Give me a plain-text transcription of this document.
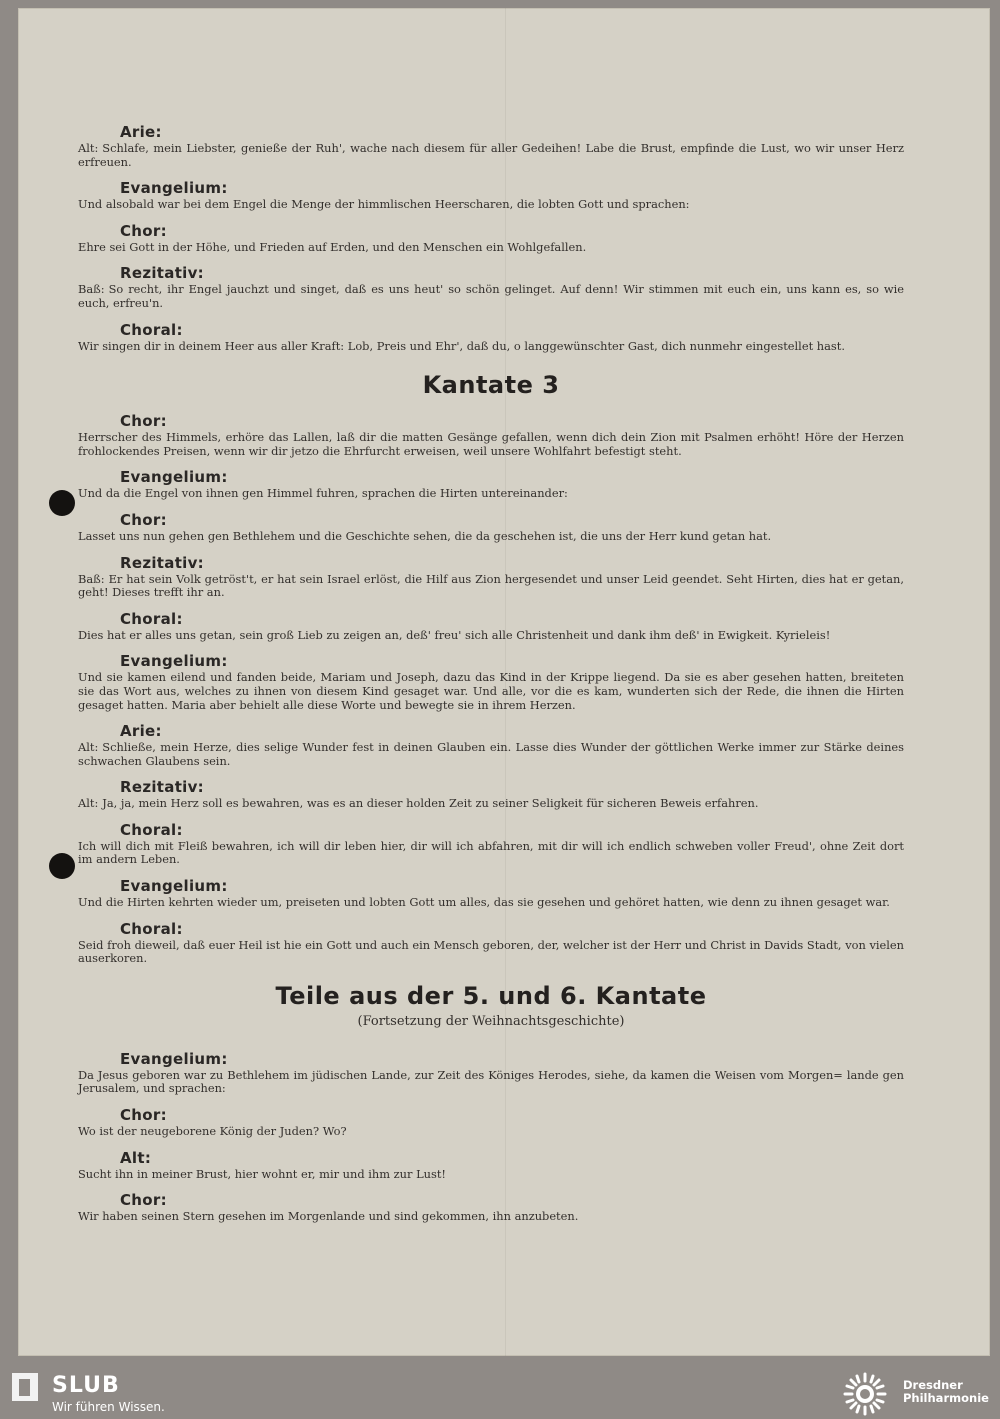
Arie:

Alt: Schlafe, mein Liebster, genieße der Ruh', wache nach diesem für aller Gedeihen! Labe die Brust, empfinde die Lust, wo wir unser Herz erfreuen.

Evangelium:

Und alsobald war bei dem Engel die Menge der himmlischen Heerscharen, die lobten Gott und sprachen:

Chor:

Ehre sei Gott in der Höhe, und Frieden auf Erden, und den Menschen ein Wohlgefallen.

Rezitativ:

Baß: So recht, ihr Engel jauchzt und singet, daß es uns heut' so schön gelinget. Auf denn! Wir stimmen mit euch ein, uns kann es, so wie euch, erfreu'n.

Choral:

Wir singen dir in deinem Heer aus aller Kraft: Lob, Preis und Ehr', daß du, o langgewünschter Gast, dich nunmehr eingestellet hast.

Kantate 3
Chor:

Herrscher des Himmels, erhöre das Lallen, laß dir die matten Gesänge gefallen, wenn dich dein Zion mit Psalmen erhöht! Höre der Herzen frohlockendes Preisen, wenn wir dir jetzo die Ehrfurcht erweisen, weil unsere Wohlfahrt befestigt steht.

Evangelium:

Und da die Engel von ihnen gen Himmel fuhren, sprachen die Hirten untereinander:

Chor:

Lasset uns nun gehen gen Bethlehem und die Geschichte sehen, die da geschehen ist, die uns der Herr kund getan hat.

Rezitativ:

Baß: Er hat sein Volk getröst't, er hat sein Israel erlöst, die Hilf aus Zion hergesendet und unser Leid geendet. Seht Hirten, dies hat er getan, geht! Dieses trefft ihr an.

Choral:

Dies hat er alles uns getan, sein groß Lieb zu zeigen an, deß' freu' sich alle Christenheit und dank ihm deß' in Ewigkeit. Kyrieleis!

Evangelium:

Und sie kamen eilend und fanden beide, Mariam und Joseph, dazu das Kind in der Krippe liegend. Da sie es aber gesehen hatten, breiteten sie das Wort aus, welches zu ihnen von diesem Kind gesaget war. Und alle, vor die es kam, wunderten sich der Rede, die ihnen die Hirten gesaget hatten. Maria aber behielt alle diese Worte und bewegte sie in ihrem Herzen.

Arie:

Alt: Schließe, mein Herze, dies selige Wunder fest in deinen Glauben ein. Lasse dies Wunder der göttlichen Werke immer zur Stärke deines schwachen Glaubens sein.

Rezitativ:

Alt: Ja, ja, mein Herz soll es bewahren, was es an dieser holden Zeit zu seiner Seligkeit für sicheren Beweis erfahren.

Choral:

Ich will dich mit Fleiß bewahren, ich will dir leben hier, dir will ich abfahren, mit dir will ich endlich schweben voller Freud', ohne Zeit dort im andern Leben.

Evangelium:

Und die Hirten kehrten wieder um, preiseten und lobten Gott um alles, das sie gesehen und gehöret hatten, wie denn zu ihnen gesaget war.

Choral:

Seid froh dieweil, daß euer Heil ist hie ein Gott und auch ein Mensch geboren, der, welcher ist der Herr und Christ in Davids Stadt, von vielen auserkoren.

Teile aus der 5. und 6. Kantate
(Fortsetzung der Weihnachtsgeschichte)
Evangelium:

Da Jesus geboren war zu Bethlehem im jüdischen Lande, zur Zeit des Königes Herodes, siehe, da kamen die Weisen vom Morgen= lande gen Jerusalem, und sprachen:

Chor:

Wo ist der neugeborene König der Juden? Wo?

Alt:

Sucht ihn in meiner Brust, hier wohnt er, mir und ihm zur Lust!

Chor:

Wir haben seinen Stern gesehen im Morgenlande und sind gekommen, ihn anzubeten.

SLUB
Wir führen Wissen.
Dresdner
Philharmonie
